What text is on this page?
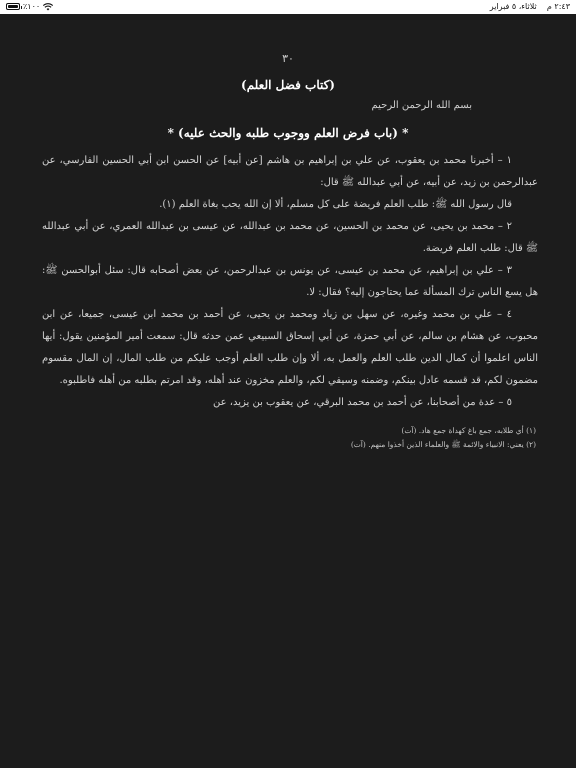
٪١٠٠	٢:٤٣ م    ثلاثاء، ٥ فبراير
٣٠
(كتاب فضل العلم)
بسم الله الرحمن الرحيم
* (باب فرض العلم ووجوب طلبه والحث عليه) *

١ – أخبرنا محمد بن يعقوب، عن علي بن إبراهيم بن هاشم [عن أبيه] عن الحسن ابن أبي الحسين الفارسي، عن عبدالرحمن بن زيد، عن أبيه، عن أبي عبدالله ﷺ قال:

قال رسول الله ﷺ: طلب العلم فريضة على كل مسلم، ألا إن الله يحب بغاة العلم (١).

٢ – محمد بن يحيى، عن محمد بن الحسين، عن محمد بن عبدالله، عن عيسى بن عبدالله العمري، عن أبي عبدالله ﷺ قال: طلب العلم فريضة.

٣ – علي بن إبراهيم، عن محمد بن عيسى، عن يونس بن عبدالرحمن، عن بعض أصحابه قال: سئل أبوالحسن ﷺ: هل يسع الناس ترك المسألة عما يحتاجون إليه؟ فقال: لا.

٤ – علي بن محمد وغيره، عن سهل بن زياد ومحمد بن يحيى، عن أحمد بن محمد ابن عيسى، جميعا، عن ابن محبوب، عن هشام بن سالم، عن أبي حمزة، عن أبي إسحاق السبيعي عمن حدثه قال: سمعت أمير المؤمنين يقول: أيها الناس اعلموا أن كمال الدين طلب العلم والعمل به، ألا وإن طلب العلم أوجب عليكم من طلب المال، إن المال مقسوم مضمون لكم، قد قسمه عادل بينكم، وضمنه وسيفي لكم، والعلم مخزون عند أهله، وقد امرتم بطلبه من أهله فاطلبوه.

٥ – عدة من أصحابنا، عن أحمد بن محمد البرقي، عن يعقوب بن يزيد، عن

(١) أي طلابه، جمع باغ كهداة جمع هاد. (آت)

(٢) يعني: الانبياء والائمة ﷺ والعلماء الذين أخذوا منهم. (آت)
